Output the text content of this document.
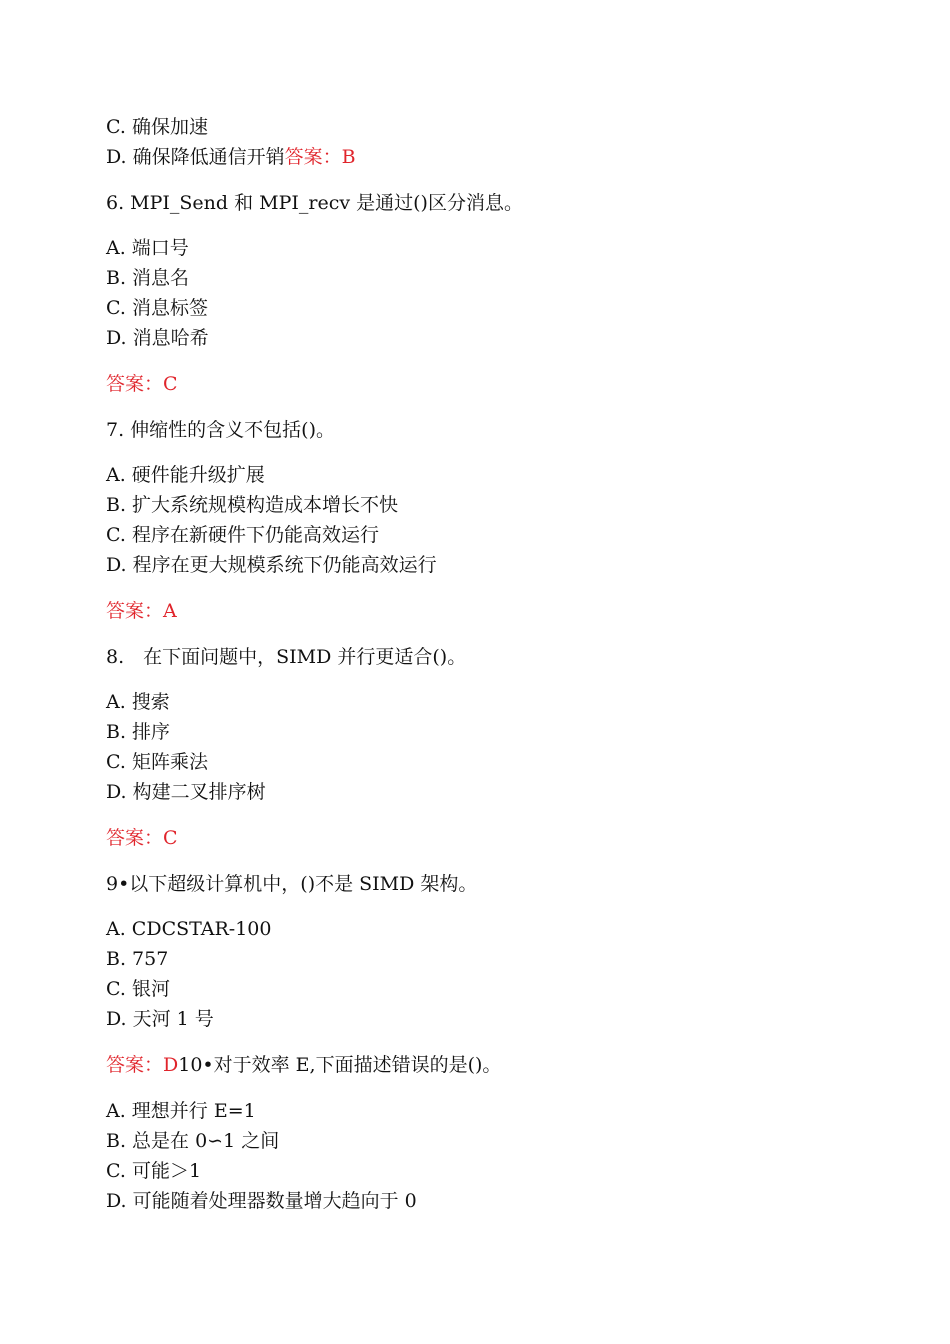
C. 确保加速

D. 确保降低通信开销答案：B

6. MPI_Send 和 MPI_recv 是通过()区分消息。

A. 端口号

B. 消息名

C. 消息标签

D. 消息哈希

答案：C

7. 伸缩性的含义不包括()。

A. 硬件能升级扩展

B. 扩大系统规模构造成本增长不快

C. 程序在新硬件下仍能高效运行

D. 程序在更大规模系统下仍能高效运行

答案：A

8.　在下面问题中，SIMD 并行更适合()。

A. 搜索

B. 排序

C. 矩阵乘法

D. 构建二叉排序树

答案：C

9•以下超级计算机中，()不是 SIMD 架构。

A. CDCSTAR-100

B. 757

C. 银河

D. 天河 1 号

答案：D10•对于效率 E,下面描述错误的是()。

A. 理想并行 E=1

B. 总是在 0∽1 之间

C. 可能＞1

D. 可能随着处理器数量增大趋向于 0
